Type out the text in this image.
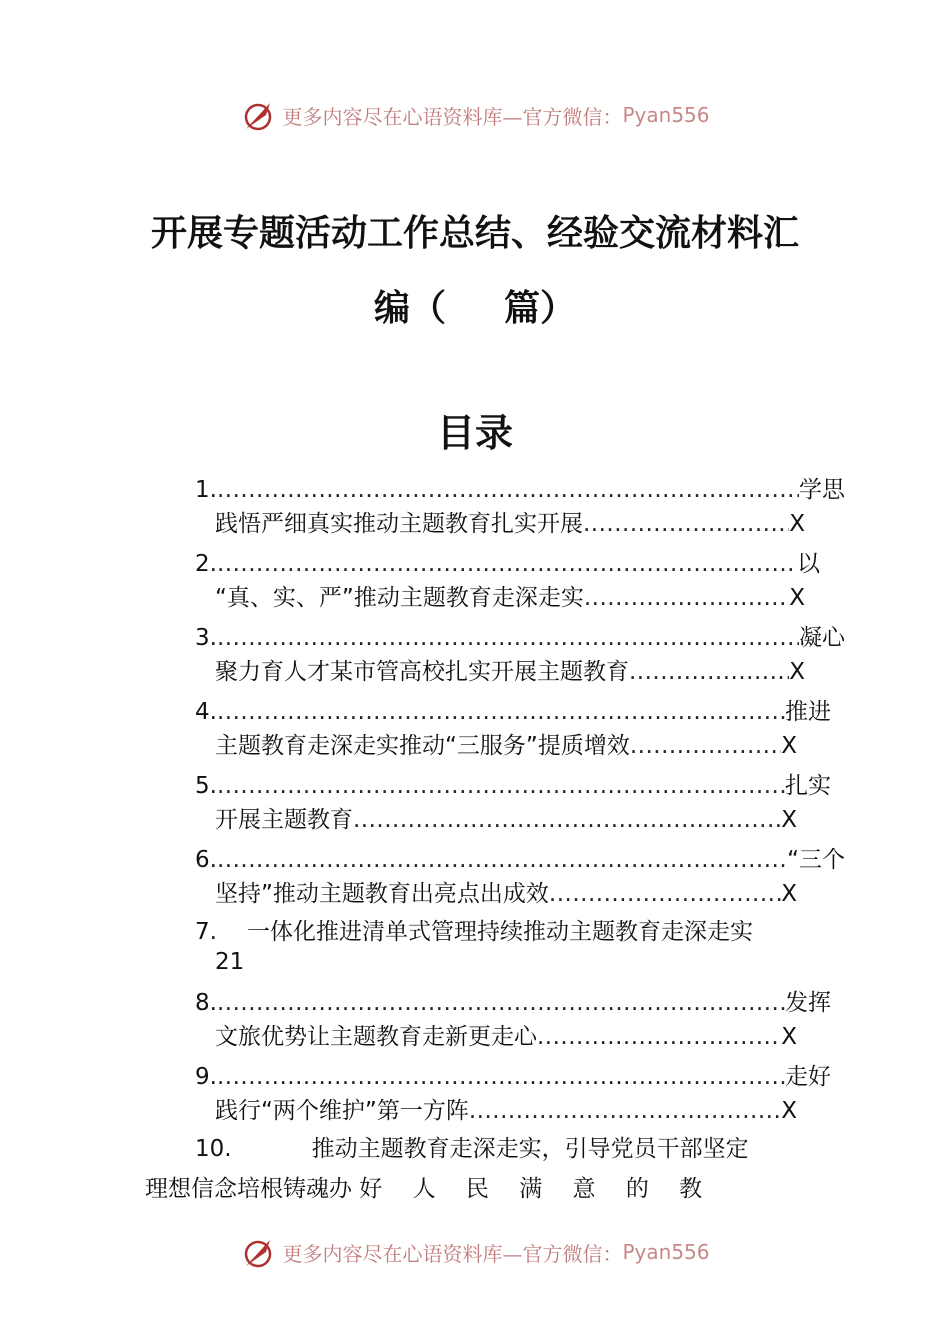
更多内容尽在心语资料库—官方微信： Pyan556
开展专题活动工作总结、经验交流材料汇
编（ 篇）
目录
1. .....	学思
践悟严细真实推动主题教育扎实开展 .....	X
2. .....	以
“真、实、严”推动主题教育走深走实 .....	X
3. .....	凝心
聚力育人才某市管高校扎实开展主题教育 .....	X
4. .....	推进
主题教育走深走实推动“三服务”提质增效 .....	X
5. .....	扎实
开展主题教育 .....	X
6. .....	“三个
坚持”推动主题教育出亮点出成效 .....	X
7. 一体化推进清单式管理持续推动主题教育走深走实
21
8. .....	发挥
文旅优势让主题教育走新更走心 .....	X
9. .....	走好
践行“两个维护”第一方阵 .....	X
10.	推动主题教育走深走实，引导党员干部坚定
理想信念培根铸魂办 好　 人　 民　 满　 意　 的　 教
更多内容尽在心语资料库—官方微信： Pyan556
